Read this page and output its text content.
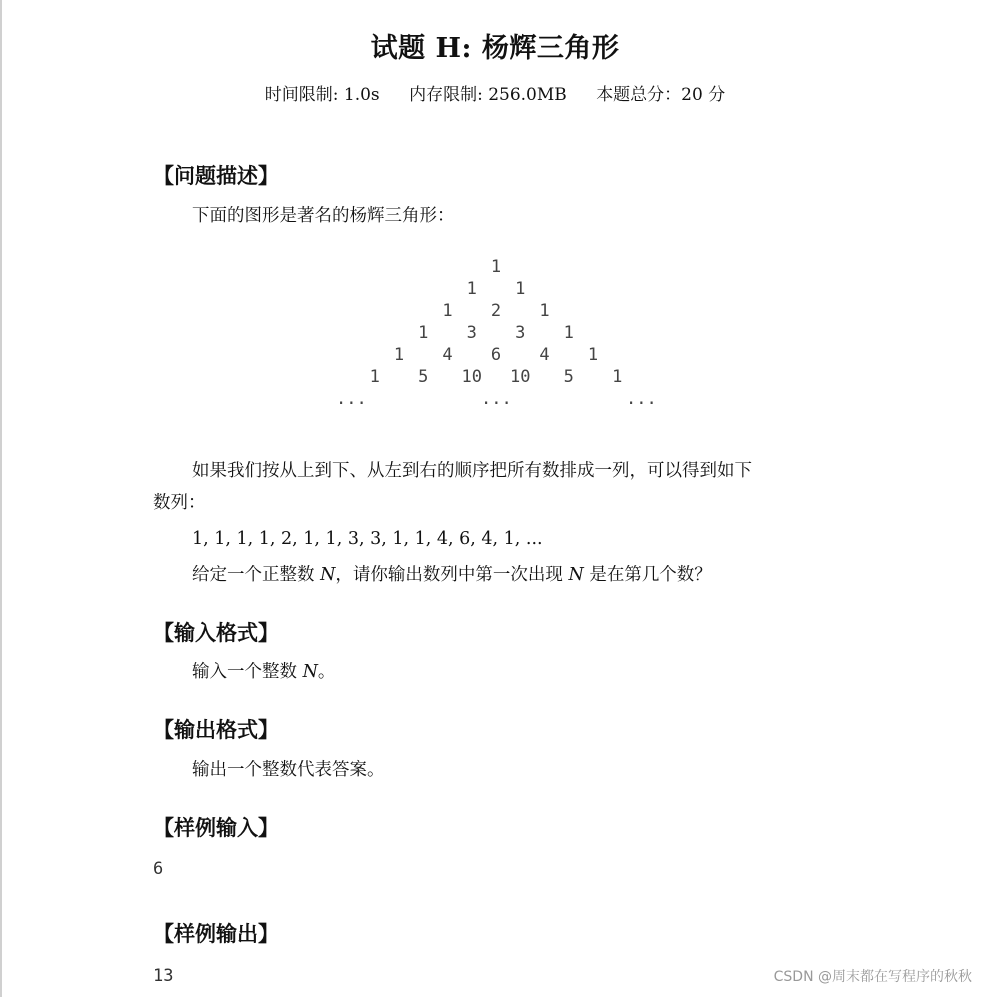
试题 H: 杨辉三角形
时间限制: 1.0s 内存限制: 256.0MB 本题总分：20 分
【问题描述】
下面的图形是著名的杨辉三角形：
1
1 1
1 2 1
1 3 3 1
1 4 6 4 1
1 5 10 10 5 1
...	...	...
如果我们按从上到下、从左到右的顺序把所有数排成一列，可以得到如下
数列：
1, 1, 1, 1, 2, 1, 1, 3, 3, 1, 1, 4, 6, 4, 1, ...
给定一个正整数 N，请你输出数列中第一次出现 N 是在第几个数？
【输入格式】
输入一个整数 N。
【输出格式】
输出一个整数代表答案。
【样例输入】
6
【样例输出】
13	CSDN @周末都在写程序的秋秋
